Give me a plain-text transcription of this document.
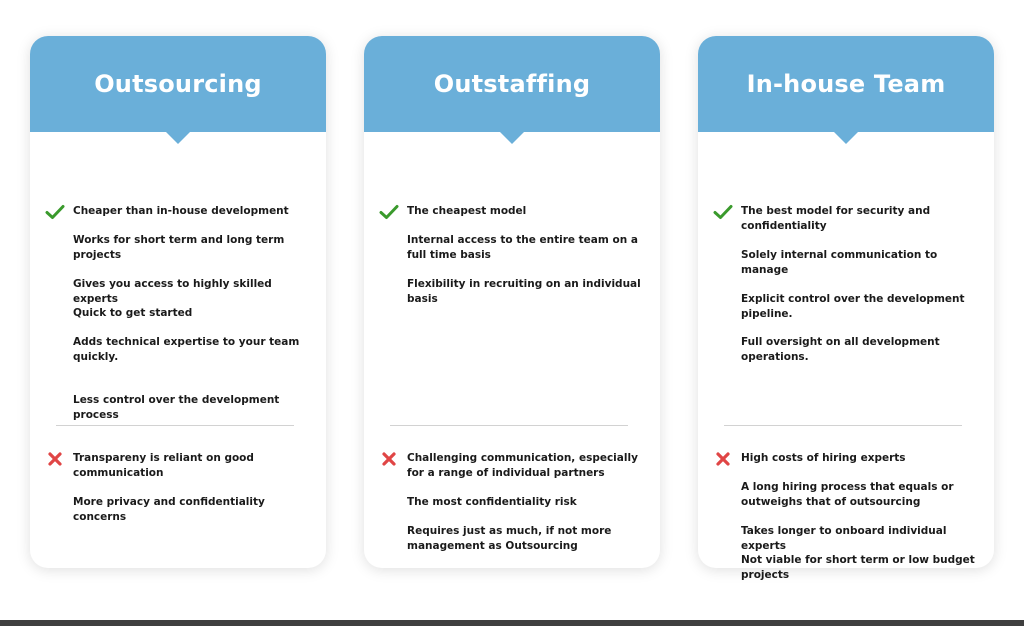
Outsourcing
Cheaper than in-house development
Works for short term and long term projects
Gives you access to highly skilled experts
Quick to get started
Adds technical expertise to your team quickly.
Less control over the development process
Transpareny is reliant on good communication
More privacy and confidentiality concerns
Outstaffing
The cheapest model
Internal access to the entire team on a full time basis
Flexibility in recruiting on an individual basis
Challenging communication, especially for a range of individual partners
The most confidentiality risk
Requires just as much, if not more management as Outsourcing
In-house Team
The best model for security and confidentiality
Solely internal communication to manage
Explicit control over the development pipeline.
Full oversight on all development operations.
High costs of hiring experts
A long hiring process that equals or outweighs that of outsourcing
Takes longer to onboard individual experts
Not viable for short term or low budget projects
